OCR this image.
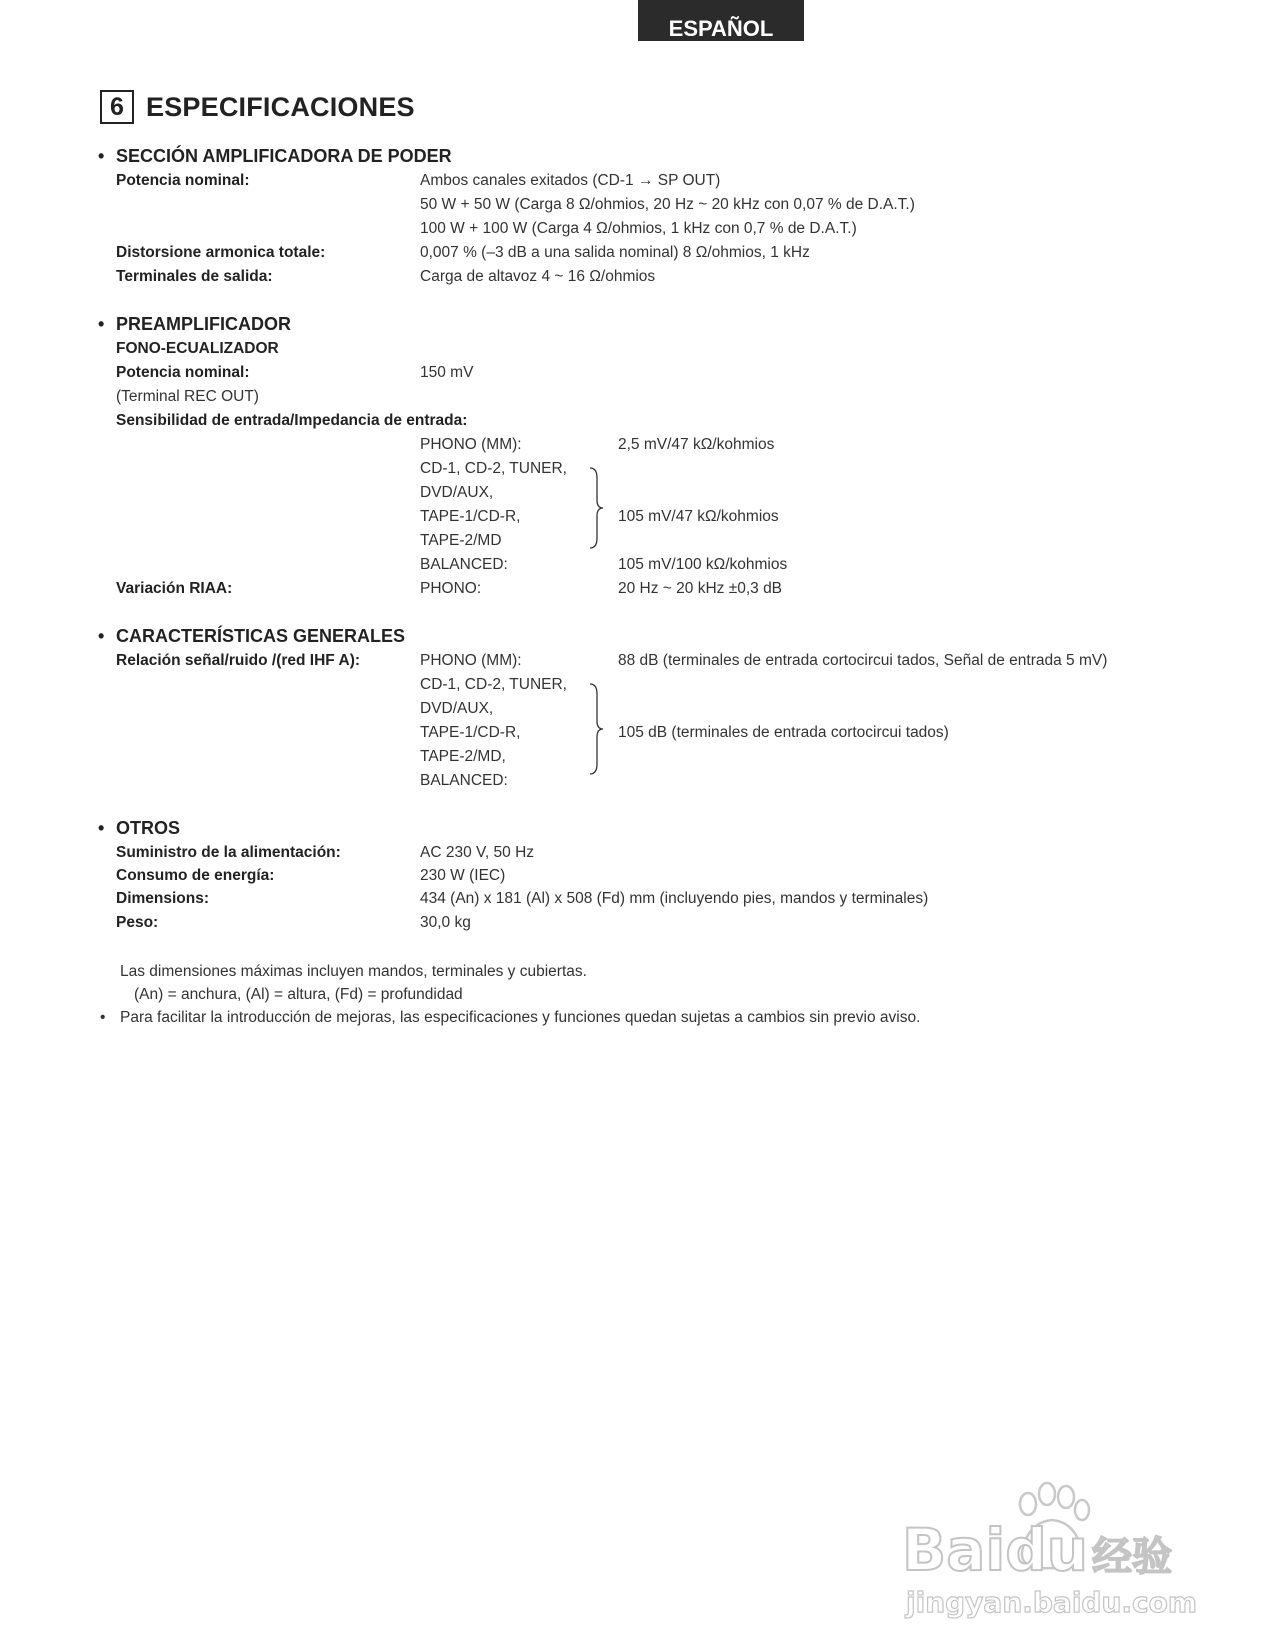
ESPAÑOL
6 ESPECIFICACIONES
• SECCIÓN AMPLIFICADORA DE PODER
Potencia nominal:	Ambos canales exitados (CD-1 → SP OUT)
50 W + 50 W (Carga 8 Ω/ohmios, 20 Hz ~ 20 kHz con 0,07 % de D.A.T.)
100 W + 100 W (Carga 4 Ω/ohmios, 1 kHz con 0,7 % de D.A.T.)
Distorsione armonica totale:	0,007 % (–3 dB a una salida nominal) 8 Ω/ohmios, 1 kHz
Terminales de salida:	Carga de altavoz 4 ~ 16 Ω/ohmios
• PREAMPLIFICADOR
FONO-ECUALIZADOR
Potencia nominal:	150 mV
(Terminal REC OUT)
Sensibilidad de entrada/Impedancia de entrada:
PHONO (MM):	2,5 mV/47 kΩ/kohmios
CD-1, CD-2, TUNER,
DVD/AUX,
TAPE-1/CD-R,
TAPE-2/MD
105 mV/47 kΩ/kohmios
BALANCED:	105 mV/100 kΩ/kohmios
Variación RIAA:	PHONO:	20 Hz ~ 20 kHz ±0,3 dB
• CARACTERÍSTICAS GENERALES
Relación señal/ruido /(red IHF A):	PHONO (MM):	88 dB (terminales de entrada cortocircui tados, Señal de entrada 5 mV)
CD-1, CD-2, TUNER,
DVD/AUX,
TAPE-1/CD-R,
TAPE-2/MD,
BALANCED:
105 dB (terminales de entrada cortocircui tados)
• OTROS
Suministro de la alimentación:	AC 230 V, 50 Hz
Consumo de energía:	230 W (IEC)
Dimensions:	434 (An) x 181 (Al) x 508 (Fd) mm (incluyendo pies, mandos y terminales)
Peso:	30,0 kg
Las dimensiones máximas incluyen mandos, terminales y cubiertas.
(An) = anchura, (Al) = altura, (Fd) = profundidad
• Para facilitar la introducción de mejoras, las especificaciones y funciones quedan sujetas a cambios sin previo aviso.
Baidu 经验
jingyan.baidu.com
